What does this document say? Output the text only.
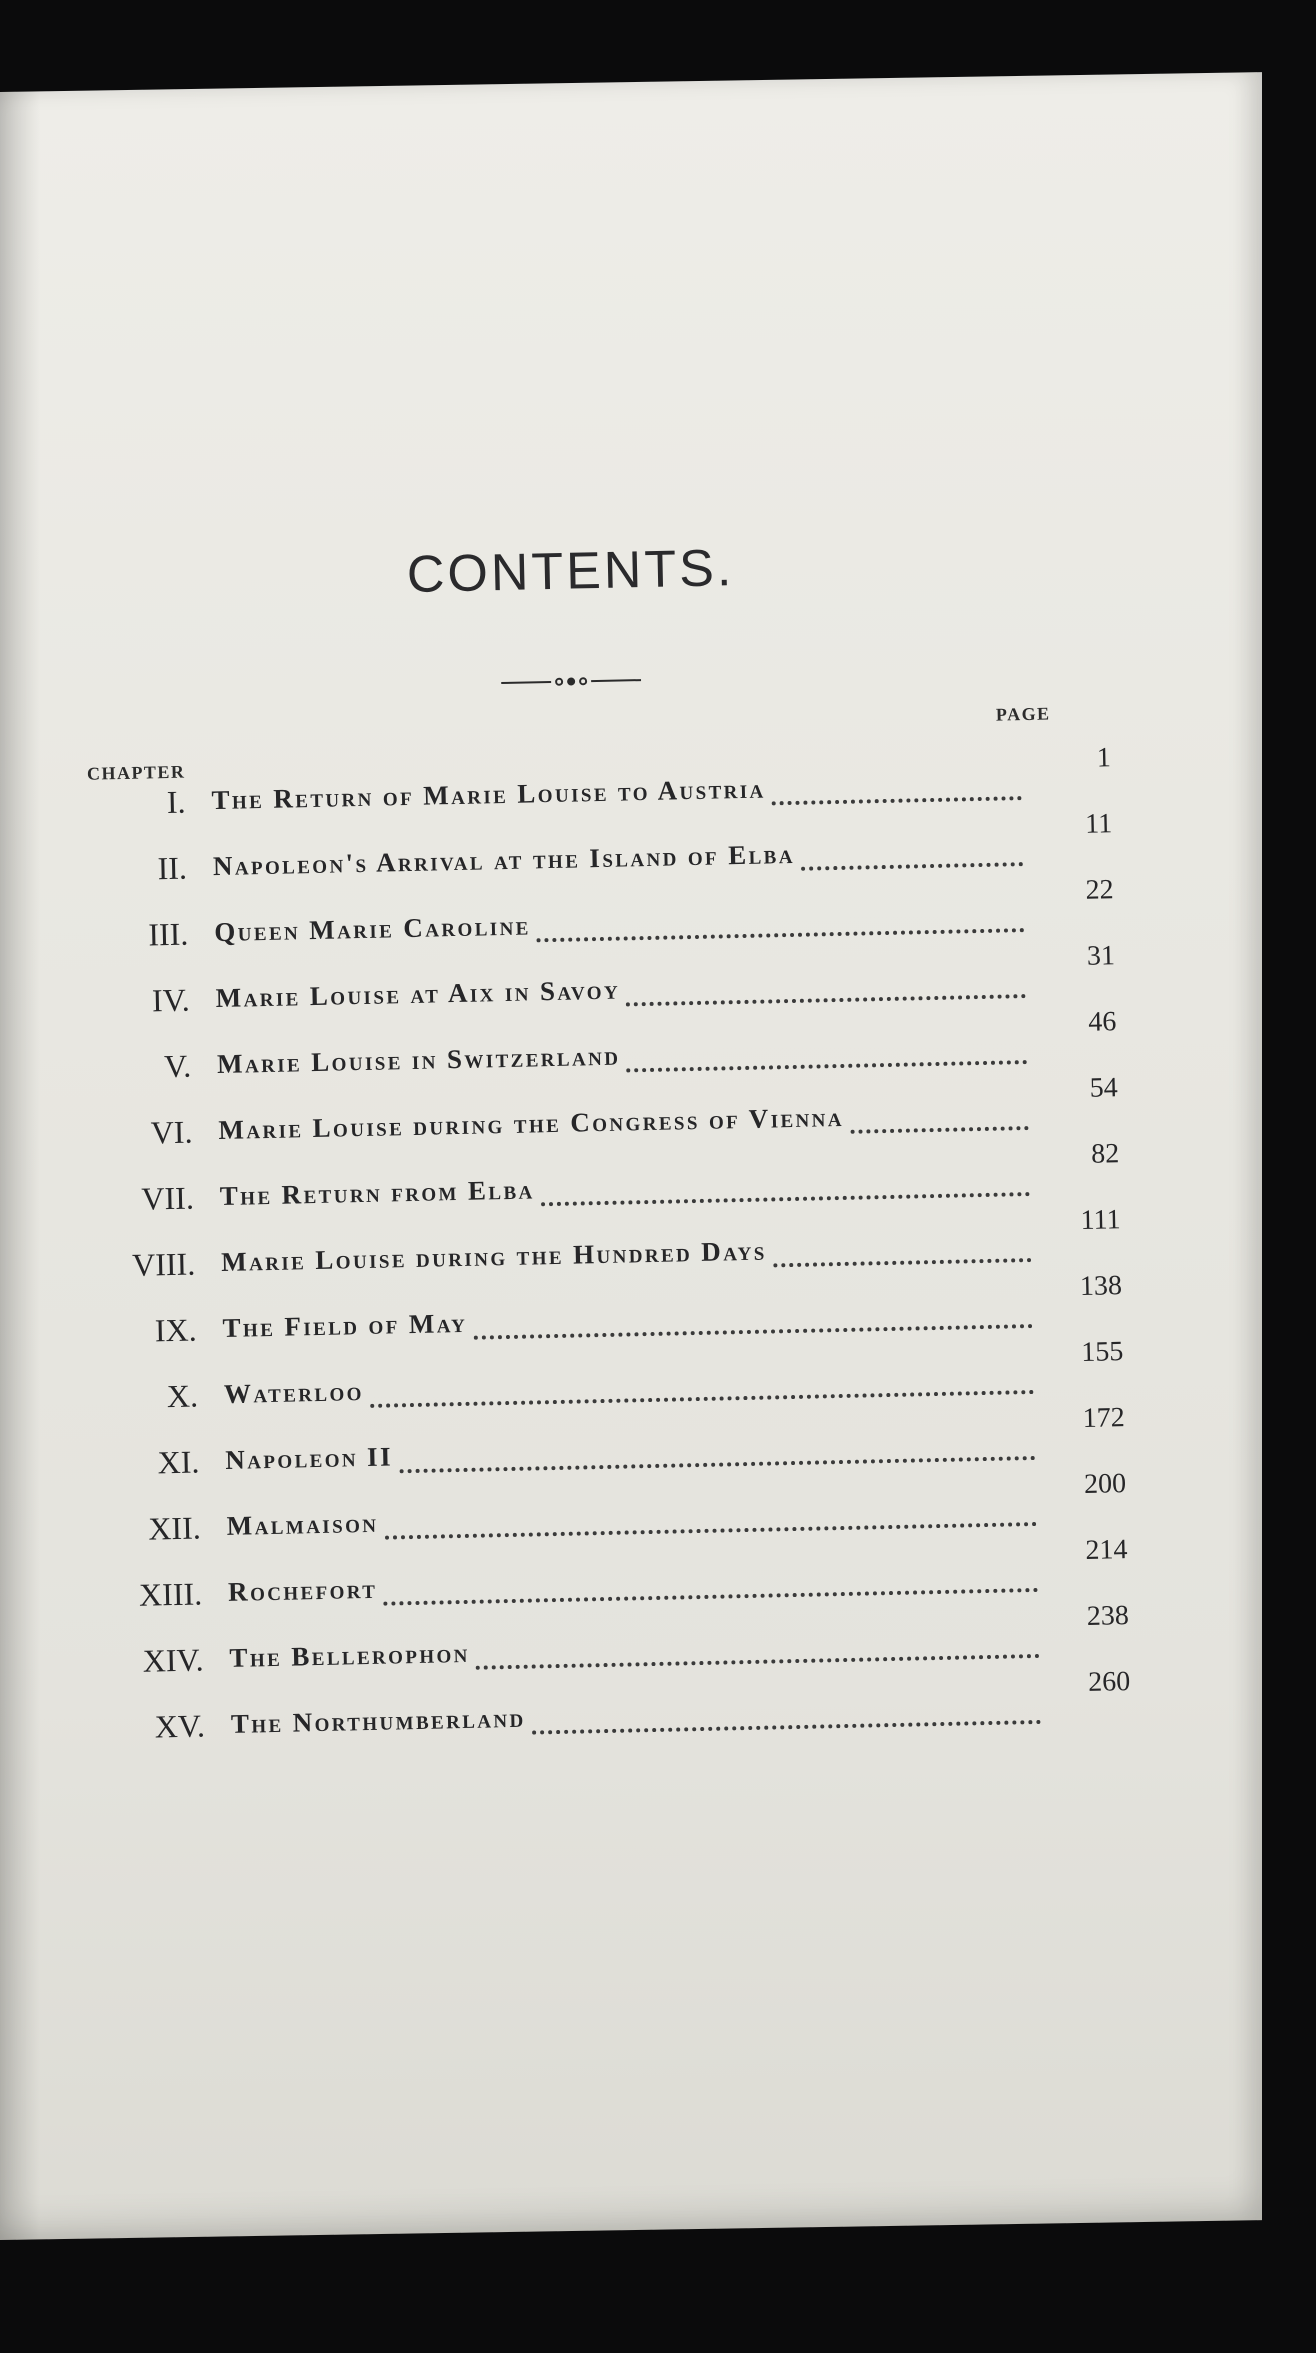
CONTENTS.
PAGE
CHAPTER
I. The Return of Marie Louise to Austria
1
II. Napoleon's Arrival at the Island of Elba
11
III. Queen Marie Caroline
22
IV. Marie Louise at Aix in Savoy
31
V. Marie Louise in Switzerland
46
VI. Marie Louise during the Congress of Vienna
54
VII. The Return from Elba
82
VIII. Marie Louise during the Hundred Days
111
IX. The Field of May
138
X. Waterloo
155
XI. Napoleon II
172
XII. Malmaison
200
XIII. Rochefort
214
XIV. The Bellerophon
238
XV. The Northumberland
260
